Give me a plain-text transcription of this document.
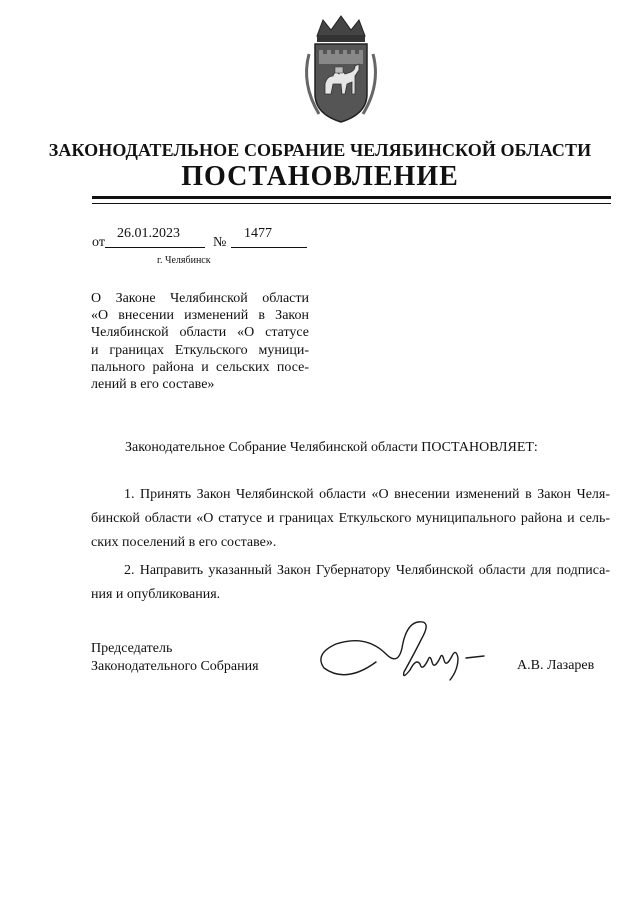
ЗАКОНОДАТЕЛЬНОЕ СОБРАНИЕ ЧЕЛЯБИНСКОЙ ОБЛАСТИ
ПОСТАНОВЛЕНИЕ
от
26.01.2023
№
1477
г. Челябинск
О Законе Челябинской области
«О внесении изменений в Закон
Челябинской области «О статусе
и границах Еткульского муници-
пального района и сельских посе-
лений в его составе»
Законодательное Собрание Челябинской области ПОСТАНОВЛЯЕТ:
1. Принять Закон Челябинской области «О внесении изменений в Закон Челя-
бинской области «О статусе и границах Еткульского муниципального района и сель-
ских поселений в его составе».
2. Направить указанный Закон Губернатору Челябинской области для подписа-
ния и опубликования.
Председатель
Законодательного Собрания	А.В. Лазарев
